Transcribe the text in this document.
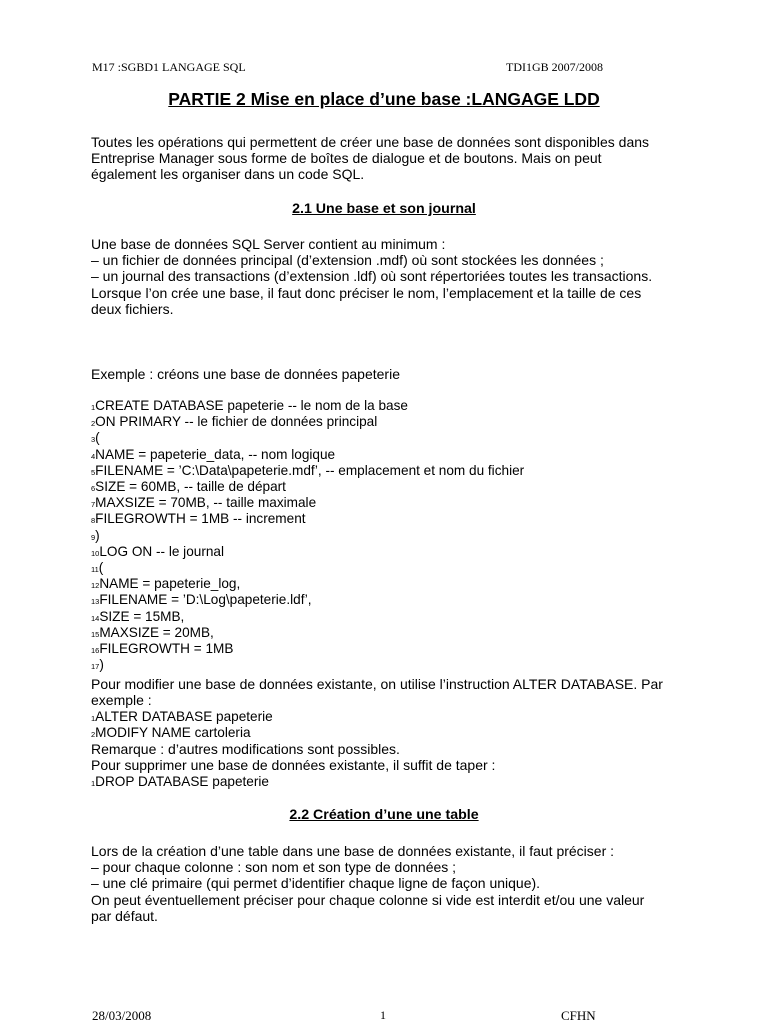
M17 :SGBD1 LANGAGE SQL	TDI1GB 2007/2008
PARTIE 2 Mise en place d’une base :LANGAGE LDD
Toutes les opérations qui permettent de créer une base de données sont disponibles dans
Entreprise Manager sous forme de boîtes de dialogue et de boutons. Mais on peut
également les organiser dans un code SQL.
2.1 Une base et son journal
Une base de données SQL Server contient au minimum :
– un fichier de données principal (d’extension .mdf) où sont stockées les données ;
– un journal des transactions (d’extension .ldf) où sont répertoriées toutes les transactions.
Lorsque l’on crée une base, il faut donc préciser le nom, l’emplacement et la taille de ces
deux fichiers.
Exemple : créons une base de données papeterie
1CREATE DATABASE papeterie -- le nom de la base
2ON PRIMARY -- le fichier de données principal
3(
4NAME = papeterie_data, -- nom logique
5FILENAME = ’C:\Data\papeterie.mdf’, -- emplacement et nom du fichier
6SIZE = 60MB, -- taille de départ
7MAXSIZE = 70MB, -- taille maximale
8FILEGROWTH = 1MB -- increment
9)
10LOG ON -- le journal
11(
12NAME = papeterie_log,
13FILENAME = ’D:\Log\papeterie.ldf’,
14SIZE = 15MB,
15MAXSIZE = 20MB,
16FILEGROWTH = 1MB
17)
Pour modifier une base de données existante, on utilise l’instruction ALTER DATABASE. Par
exemple :
1ALTER DATABASE papeterie
2MODIFY NAME cartoleria
Remarque : d’autres modifications sont possibles.
Pour supprimer une base de données existante, il suffit de taper :
1DROP DATABASE papeterie
2.2 Création d’une une table
Lors de la création d’une table dans une base de données existante, il faut préciser :
– pour chaque colonne : son nom et son type de données ;
– une clé primaire (qui permet d’identifier chaque ligne de façon unique).
On peut éventuellement préciser pour chaque colonne si vide est interdit et/ou une valeur
par défaut.
28/03/2008	1	CFHN
